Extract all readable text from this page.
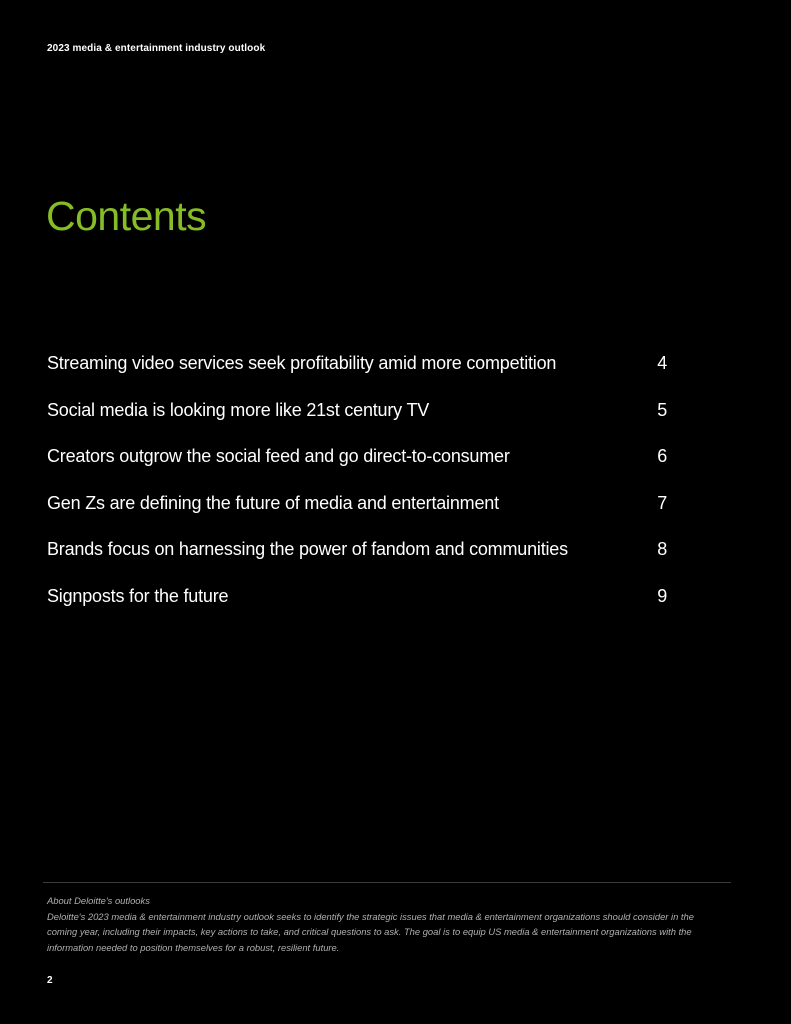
2023 media & entertainment industry outlook
Contents
Streaming video services seek profitability amid more competition	4
Social media is looking more like 21st century TV	5
Creators outgrow the social feed and go direct-to-consumer	6
Gen Zs are defining the future of media and entertainment	7
Brands focus on harnessing the power of fandom and communities	8
Signposts for the future	9

About Deloitte's outlooks

Deloitte's 2023 media & entertainment industry outlook seeks to identify the strategic issues that media & entertainment organizations should consider in the coming year, including their impacts, key actions to take, and critical questions to ask. The goal is to equip US media & entertainment organizations with the information needed to position themselves for a robust, resilient future.

2
